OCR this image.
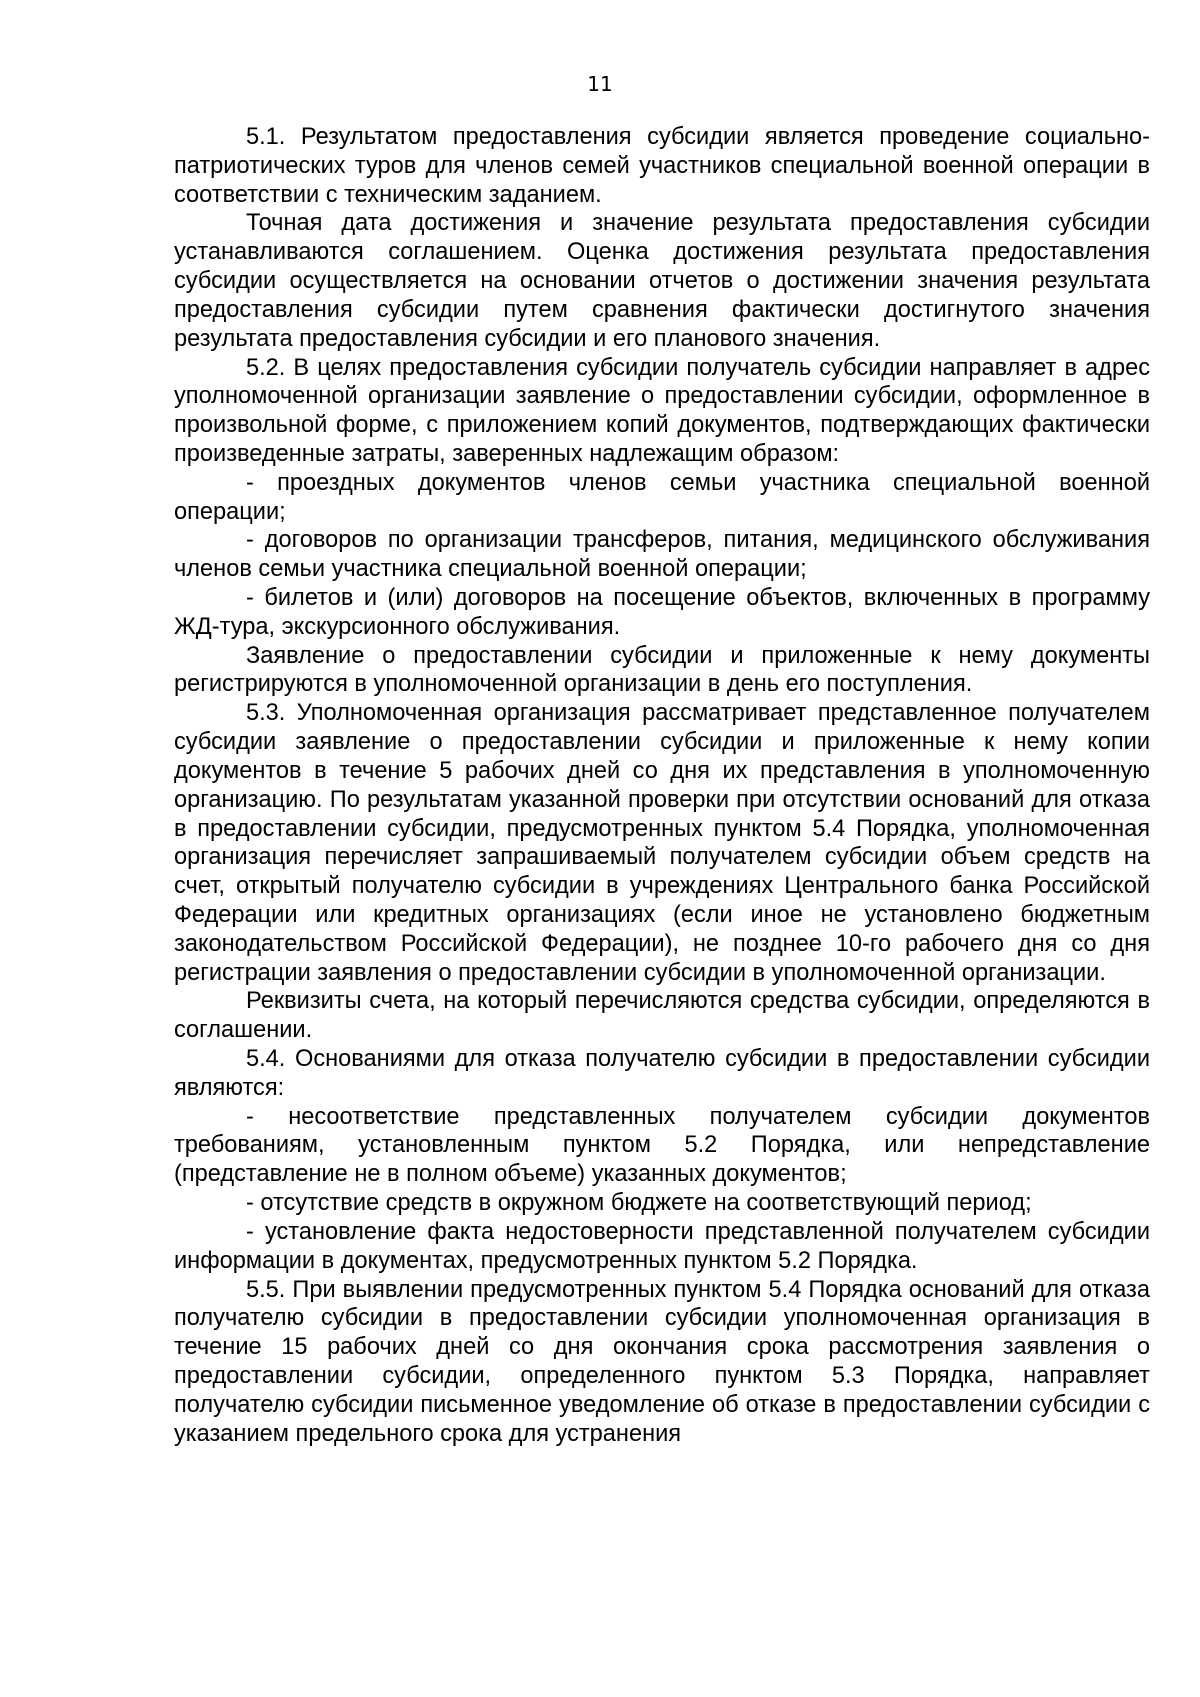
11

5.1. Результатом предоставления субсидии является проведение социально-патриотических туров для членов семей участников специальной военной операции в соответствии с техническим заданием.

Точная дата достижения и значение результата предоставления субсидии устанавливаются соглашением. Оценка достижения результата предоставления субсидии осуществляется на основании отчетов о достижении значения результата предоставления субсидии путем сравнения фактически достигнутого значения результата предоставления субсидии и его планового значения.

5.2. В целях предоставления субсидии получатель субсидии направляет в адрес уполномоченной организации заявление о предоставлении субсидии, оформленное в произвольной форме, с приложением копий документов, подтверждающих фактически произведенные затраты, заверенных надлежащим образом:

- проездных документов членов семьи участника специальной военной операции;

- договоров по организации трансферов, питания, медицинского обслуживания членов семьи участника специальной военной операции;

- билетов и (или) договоров на посещение объектов, включенных в программу ЖД-тура, экскурсионного обслуживания.

Заявление о предоставлении субсидии и приложенные к нему документы регистрируются в уполномоченной организации в день его поступления.

5.3. Уполномоченная организация рассматривает представленное получателем субсидии заявление о предоставлении субсидии и приложенные к нему копии документов в течение 5 рабочих дней со дня их представления в уполномоченную организацию. По результатам указанной проверки при отсутствии оснований для отказа в предоставлении субсидии, предусмотренных пунктом 5.4 Порядка, уполномоченная организация перечисляет запрашиваемый получателем субсидии объем средств на счет, открытый получателю субсидии в учреждениях Центрального банка Российской Федерации или кредитных организациях (если иное не установлено бюджетным законодательством Российской Федерации), не позднее 10-го рабочего дня со дня регистрации заявления о предоставлении субсидии в уполномоченной организации.

Реквизиты счета, на который перечисляются средства субсидии, определяются в соглашении.

5.4. Основаниями для отказа получателю субсидии в предоставлении субсидии являются:

- несоответствие представленных получателем субсидии документов требованиям, установленным пунктом 5.2 Порядка, или непредставление (представление не в полном объеме) указанных документов;

- отсутствие средств в окружном бюджете на соответствующий период;

- установление факта недостоверности представленной получателем субсидии информации в документах, предусмотренных пунктом 5.2 Порядка.

5.5. При выявлении предусмотренных пунктом 5.4 Порядка оснований для отказа получателю субсидии в предоставлении субсидии уполномоченная организация в течение 15 рабочих дней со дня окончания срока рассмотрения заявления о предоставлении субсидии, определенного пунктом 5.3 Порядка, направляет получателю субсидии письменное уведомление об отказе в предоставлении субсидии с указанием предельного срока для устранения
